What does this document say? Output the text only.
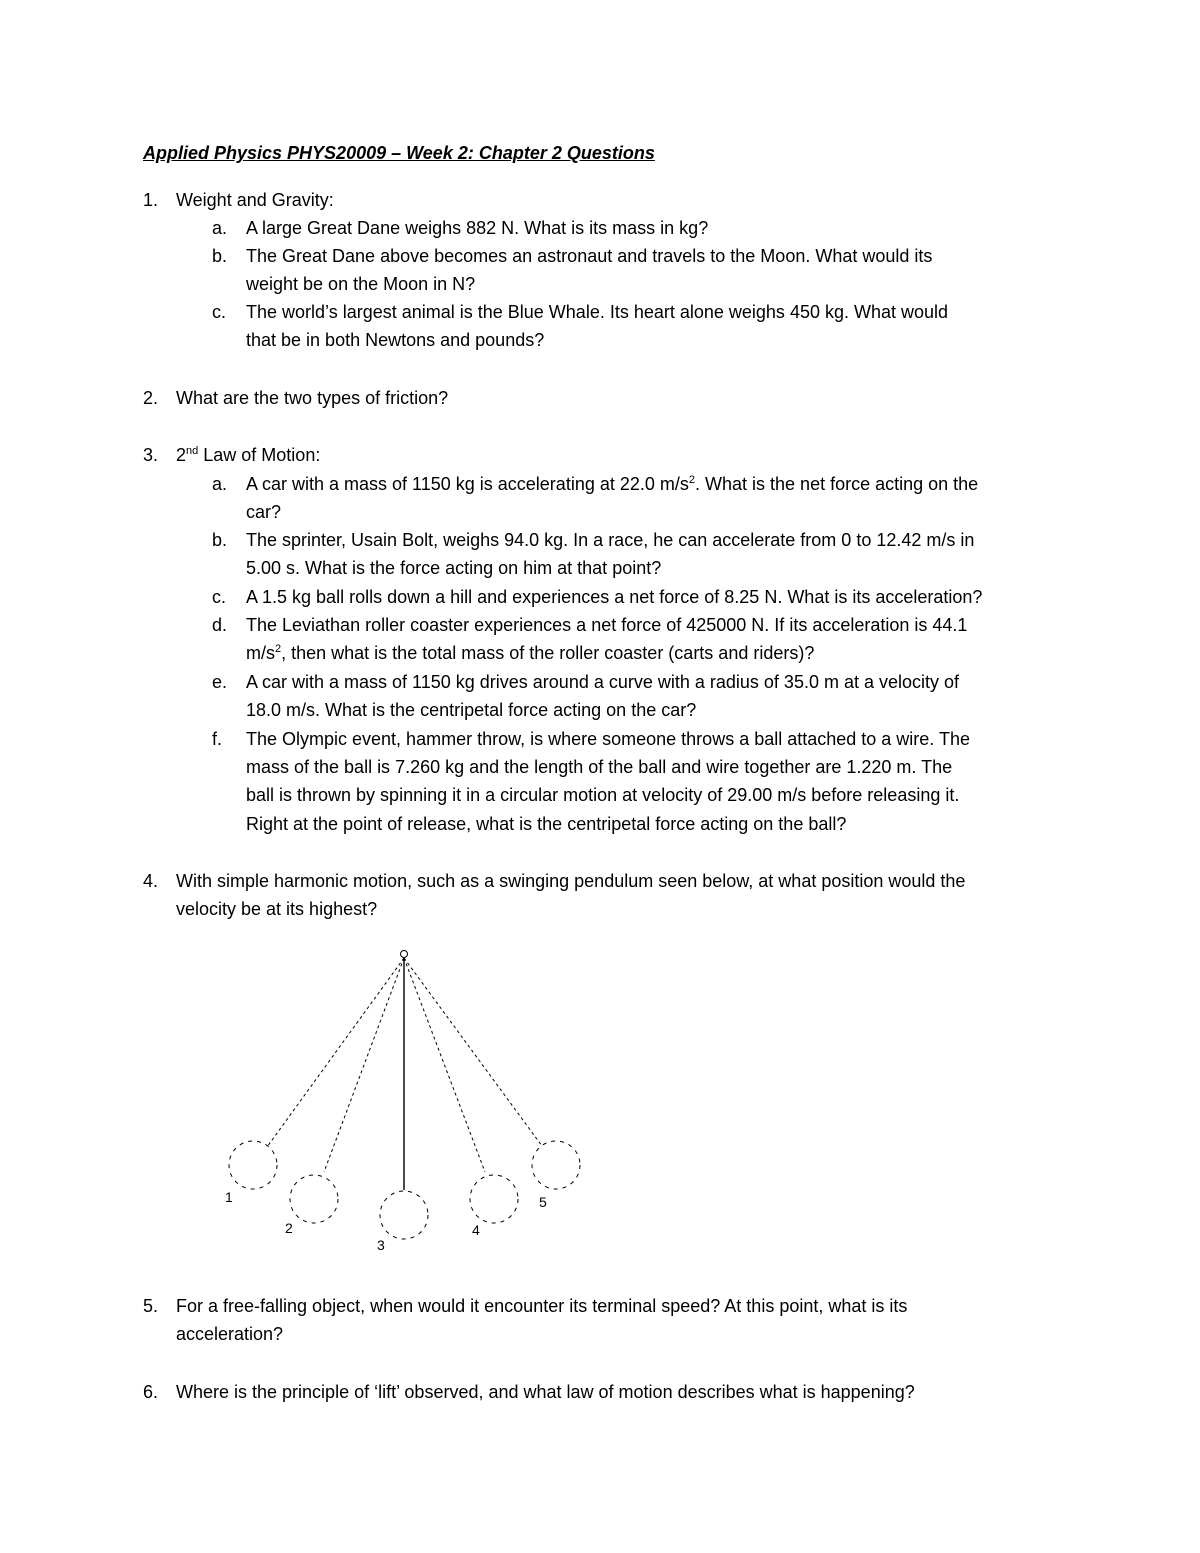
Applied Physics PHYS20009 – Week 2: Chapter 2 Questions
1. Weight and Gravity:
a. A large Great Dane weighs 882 N. What is its mass in kg?
b. The Great Dane above becomes an astronaut and travels to the Moon. What would its
weight be on the Moon in N?
c. The world’s largest animal is the Blue Whale. Its heart alone weighs 450 kg. What would
that be in both Newtons and pounds?
2. What are the two types of friction?
3. 2nd Law of Motion:
a. A car with a mass of 1150 kg is accelerating at 22.0 $m/s^2$. What is the net force acting on the
car?
b. The sprinter, Usain Bolt, weighs 94.0 kg. In a race, he can accelerate from 0 to 12.42 m/s in
5.00 s. What is the force acting on him at that point?
c. A 1.5 kg ball rolls down a hill and experiences a net force of 8.25 N. What is its acceleration?
d. The Leviathan roller coaster experiences a net force of 425000 N. If its acceleration is 44.1
$m/s^2$, then what is the total mass of the roller coaster (carts and riders)?
e. A car with a mass of 1150 kg drives around a curve with a radius of 35.0 m at a velocity of
18.0 m/s. What is the centripetal force acting on the car?
f. The Olympic event, hammer throw, is where someone throws a ball attached to a wire. The
mass of the ball is 7.260 kg and the length of the ball and wire together are 1.220 m. The
ball is thrown by spinning it in a circular motion at velocity of 29.00 m/s before releasing it.
Right at the point of release, what is the centripetal force acting on the ball?
4. With simple harmonic motion, such as a swinging pendulum seen below, at what position would the
velocity be at its highest?
1
2
3
4
5
5. For a free-falling object, when would it encounter its terminal speed? At this point, what is its
acceleration?
6. Where is the principle of ‘lift’ observed, and what law of motion describes what is happening?
